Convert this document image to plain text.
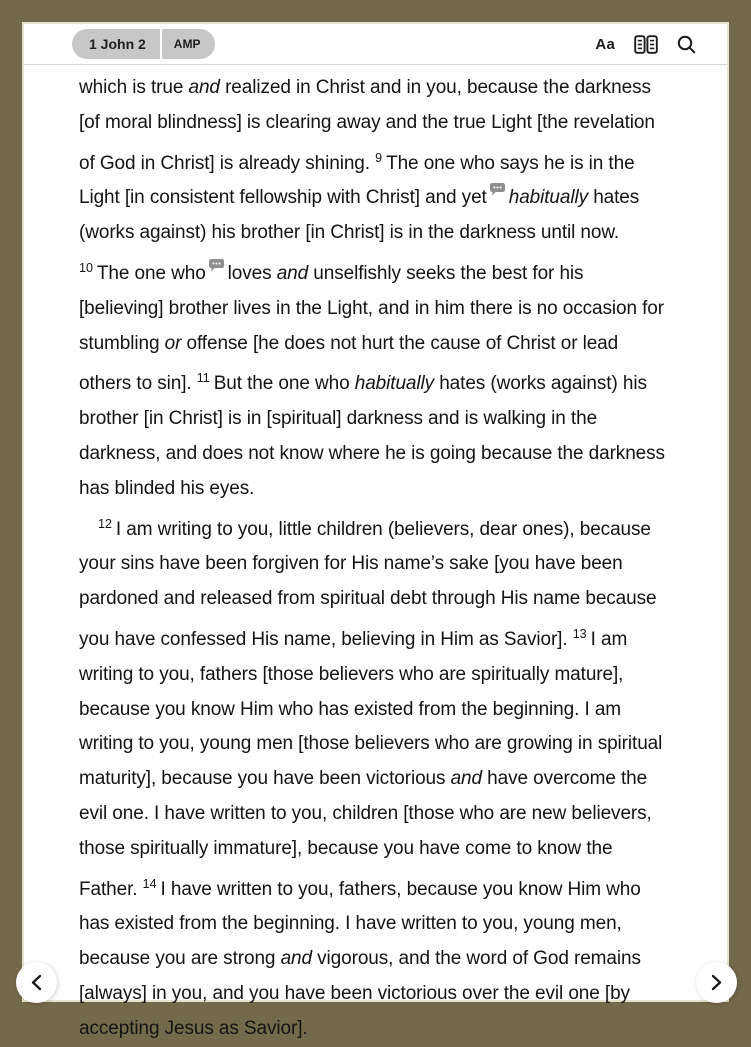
1 John 2	AMP	Aa

which is true and realized in Christ and in you, because the darkness [of moral blindness] is clearing away and the true Light [the revelation of God in Christ] is already shining. $^9$ The one who says he is in the Light [in consistent fellowship with Christ] and yet habitually hates (works against) his brother [in Christ] is in the darkness until now. $^{10}$ The one who loves and unselfishly seeks the best for his [believing] brother lives in the Light, and in him there is no occasion for stumbling or offense [he does not hurt the cause of Christ or lead others to sin]. $^{11}$ But the one who habitually hates (works against) his brother [in Christ] is in [spiritual] darkness and is walking in the darkness, and does not know where he is going because the darkness has blinded his eyes.

$^{12}$ I am writing to you, little children (believers, dear ones), because your sins have been forgiven for His name’s sake [you have been pardoned and released from spiritual debt through His name because you have confessed His name, believing in Him as Savior]. $^{13}$ I am writing to you, fathers [those believers who are spiritually mature], because you know Him who has existed from the beginning. I am writing to you, young men [those believers who are growing in spiritual maturity], because you have been victorious and have overcome the evil one. I have written to you, children [those who are new believers, those spiritually immature], because you have come to know the Father. $^{14}$ I have written to you, fathers, because you know Him who has existed from the beginning. I have written to you, young men, because you are strong and vigorous, and the word of God remains [always] in you, and you have been victorious over the evil one [by accepting Jesus as Savior].
